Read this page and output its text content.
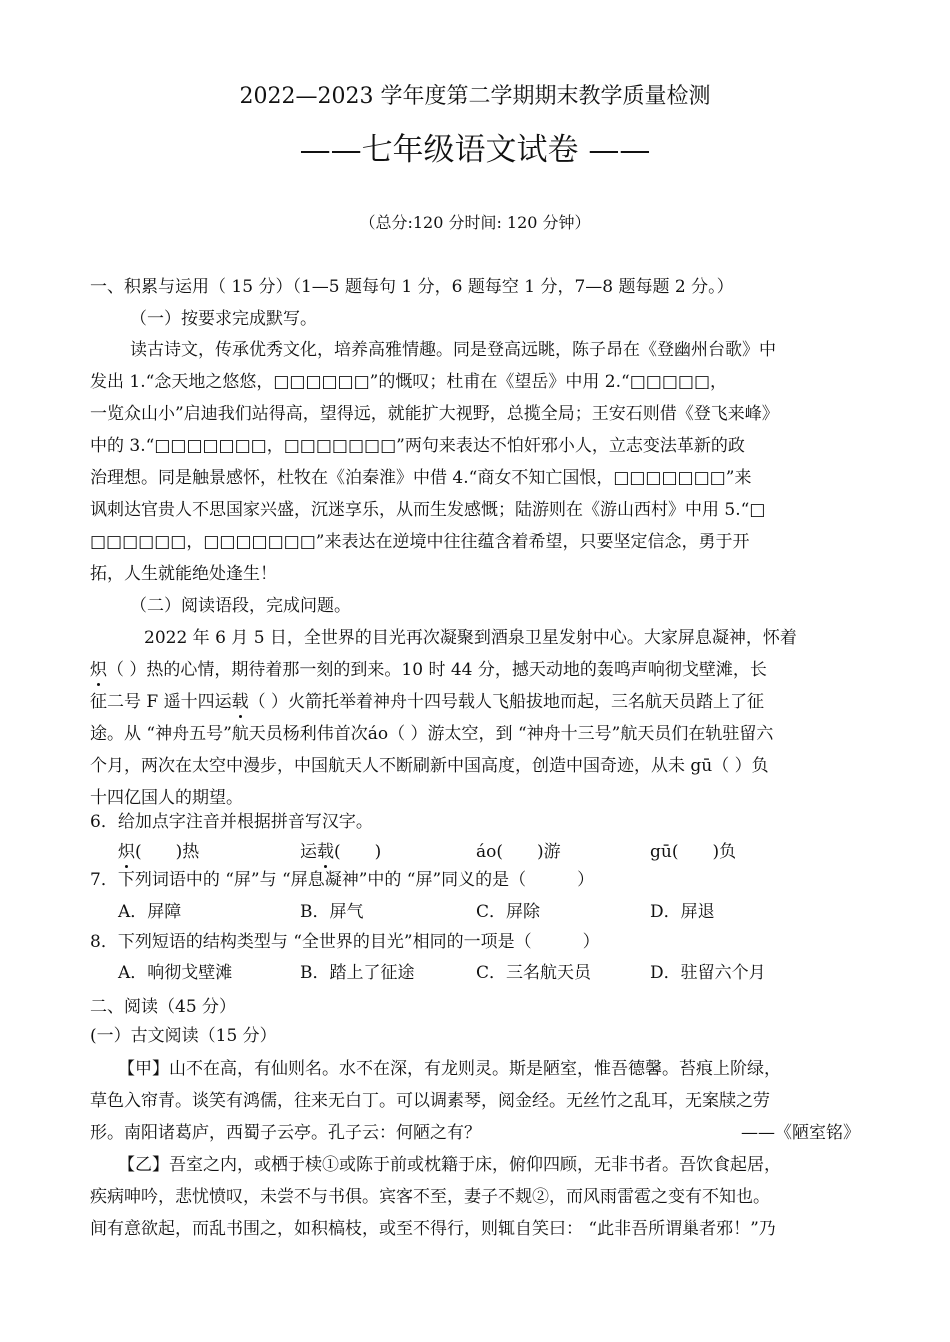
2022—2023 学年度第二学期期末教学质量检测
——七年级语文试卷 ——
（总分:120 分时间: 120 分钟）
一、积累与运用（ 15 分）（1—5 题每句 1 分，6 题每空 1 分，7—8 题每题 2 分。）
（一）按要求完成默写。
读古诗文，传承优秀文化，培养高雅情趣。同是登高远眺，陈子昂在《登幽州台歌》中
发出 1.“念天地之悠悠，□□□□□□”的慨叹；杜甫在《望岳》中用 2.“□□□□□，
一览众山小”启迪我们站得高，望得远，就能扩大视野，总揽全局；王安石则借《登飞来峰》
中的 3.“□□□□□□□，□□□□□□□”两句来表达不怕奸邪小人，立志变法革新的政
治理想。同是触景感怀，杜牧在《泊秦淮》中借 4.“商女不知亡国恨，□□□□□□□”来
讽刺达官贵人不思国家兴盛，沉迷享乐，从而生发感慨；陆游则在《游山西村》中用 5.“□
□□□□□□，□□□□□□□”来表达在逆境中往往蕴含着希望，只要坚定信念，勇于开
拓，人生就能绝处逢生！
（二）阅读语段，完成问题。
2022 年 6 月 5 日，全世界的目光再次凝聚到酒泉卫星发射中心。大家屏息凝神，怀着
炽（ ）热的心情，期待着那一刻的到来。10 时 44 分，撼天动地的轰鸣声响彻戈壁滩，长
征二号 F 遥十四运载（ ）火箭托举着神舟十四号载人飞船拔地而起，三名航天员踏上了征
途。从 “神舟五号”航天员杨利伟首次áo（ ）游太空，到 “神舟十三号”航天员们在轨驻留六
个月，两次在太空中漫步，中国航天人不断刷新中国高度，创造中国奇迹，从未 gū（ ）负
十四亿国人的期望。
6．给加点字注音并根据拼音写汉字。
炽(　　)热	运载(　　)	áo(　　)游	gū(　　)负
7．下列词语中的 “屏”与 “屏息凝神”中的 “屏”同义的是（　　　）
A．屏障	B．屏气	C．屏除	D．屏退
8．下列短语的结构类型与 “全世界的目光”相同的一项是（　　　）
A．响彻戈壁滩	B．踏上了征途	C．三名航天员	D．驻留六个月
二、阅读（45 分）
(一）古文阅读（15 分）
【甲】山不在高，有仙则名。水不在深，有龙则灵。斯是陋室，惟吾德馨。苔痕上阶绿，
草色入帘青。谈笑有鸿儒，往来无白丁。可以调素琴，阅金经。无丝竹之乱耳，无案牍之劳
形。南阳诸葛庐，西蜀子云亭。孔子云：何陋之有？	——《陋室铭》
【乙】吾室之内，或栖于椟①或陈于前或枕籍于床，俯仰四顾，无非书者。吾饮食起居，
疾病呻吟，悲忧愤叹，未尝不与书俱。宾客不至，妻子不觌②，而风雨雷雹之变有不知也。
间有意欲起，而乱书围之，如积槁枝，或至不得行，则辄自笑曰： “此非吾所谓巢者邪！”乃
